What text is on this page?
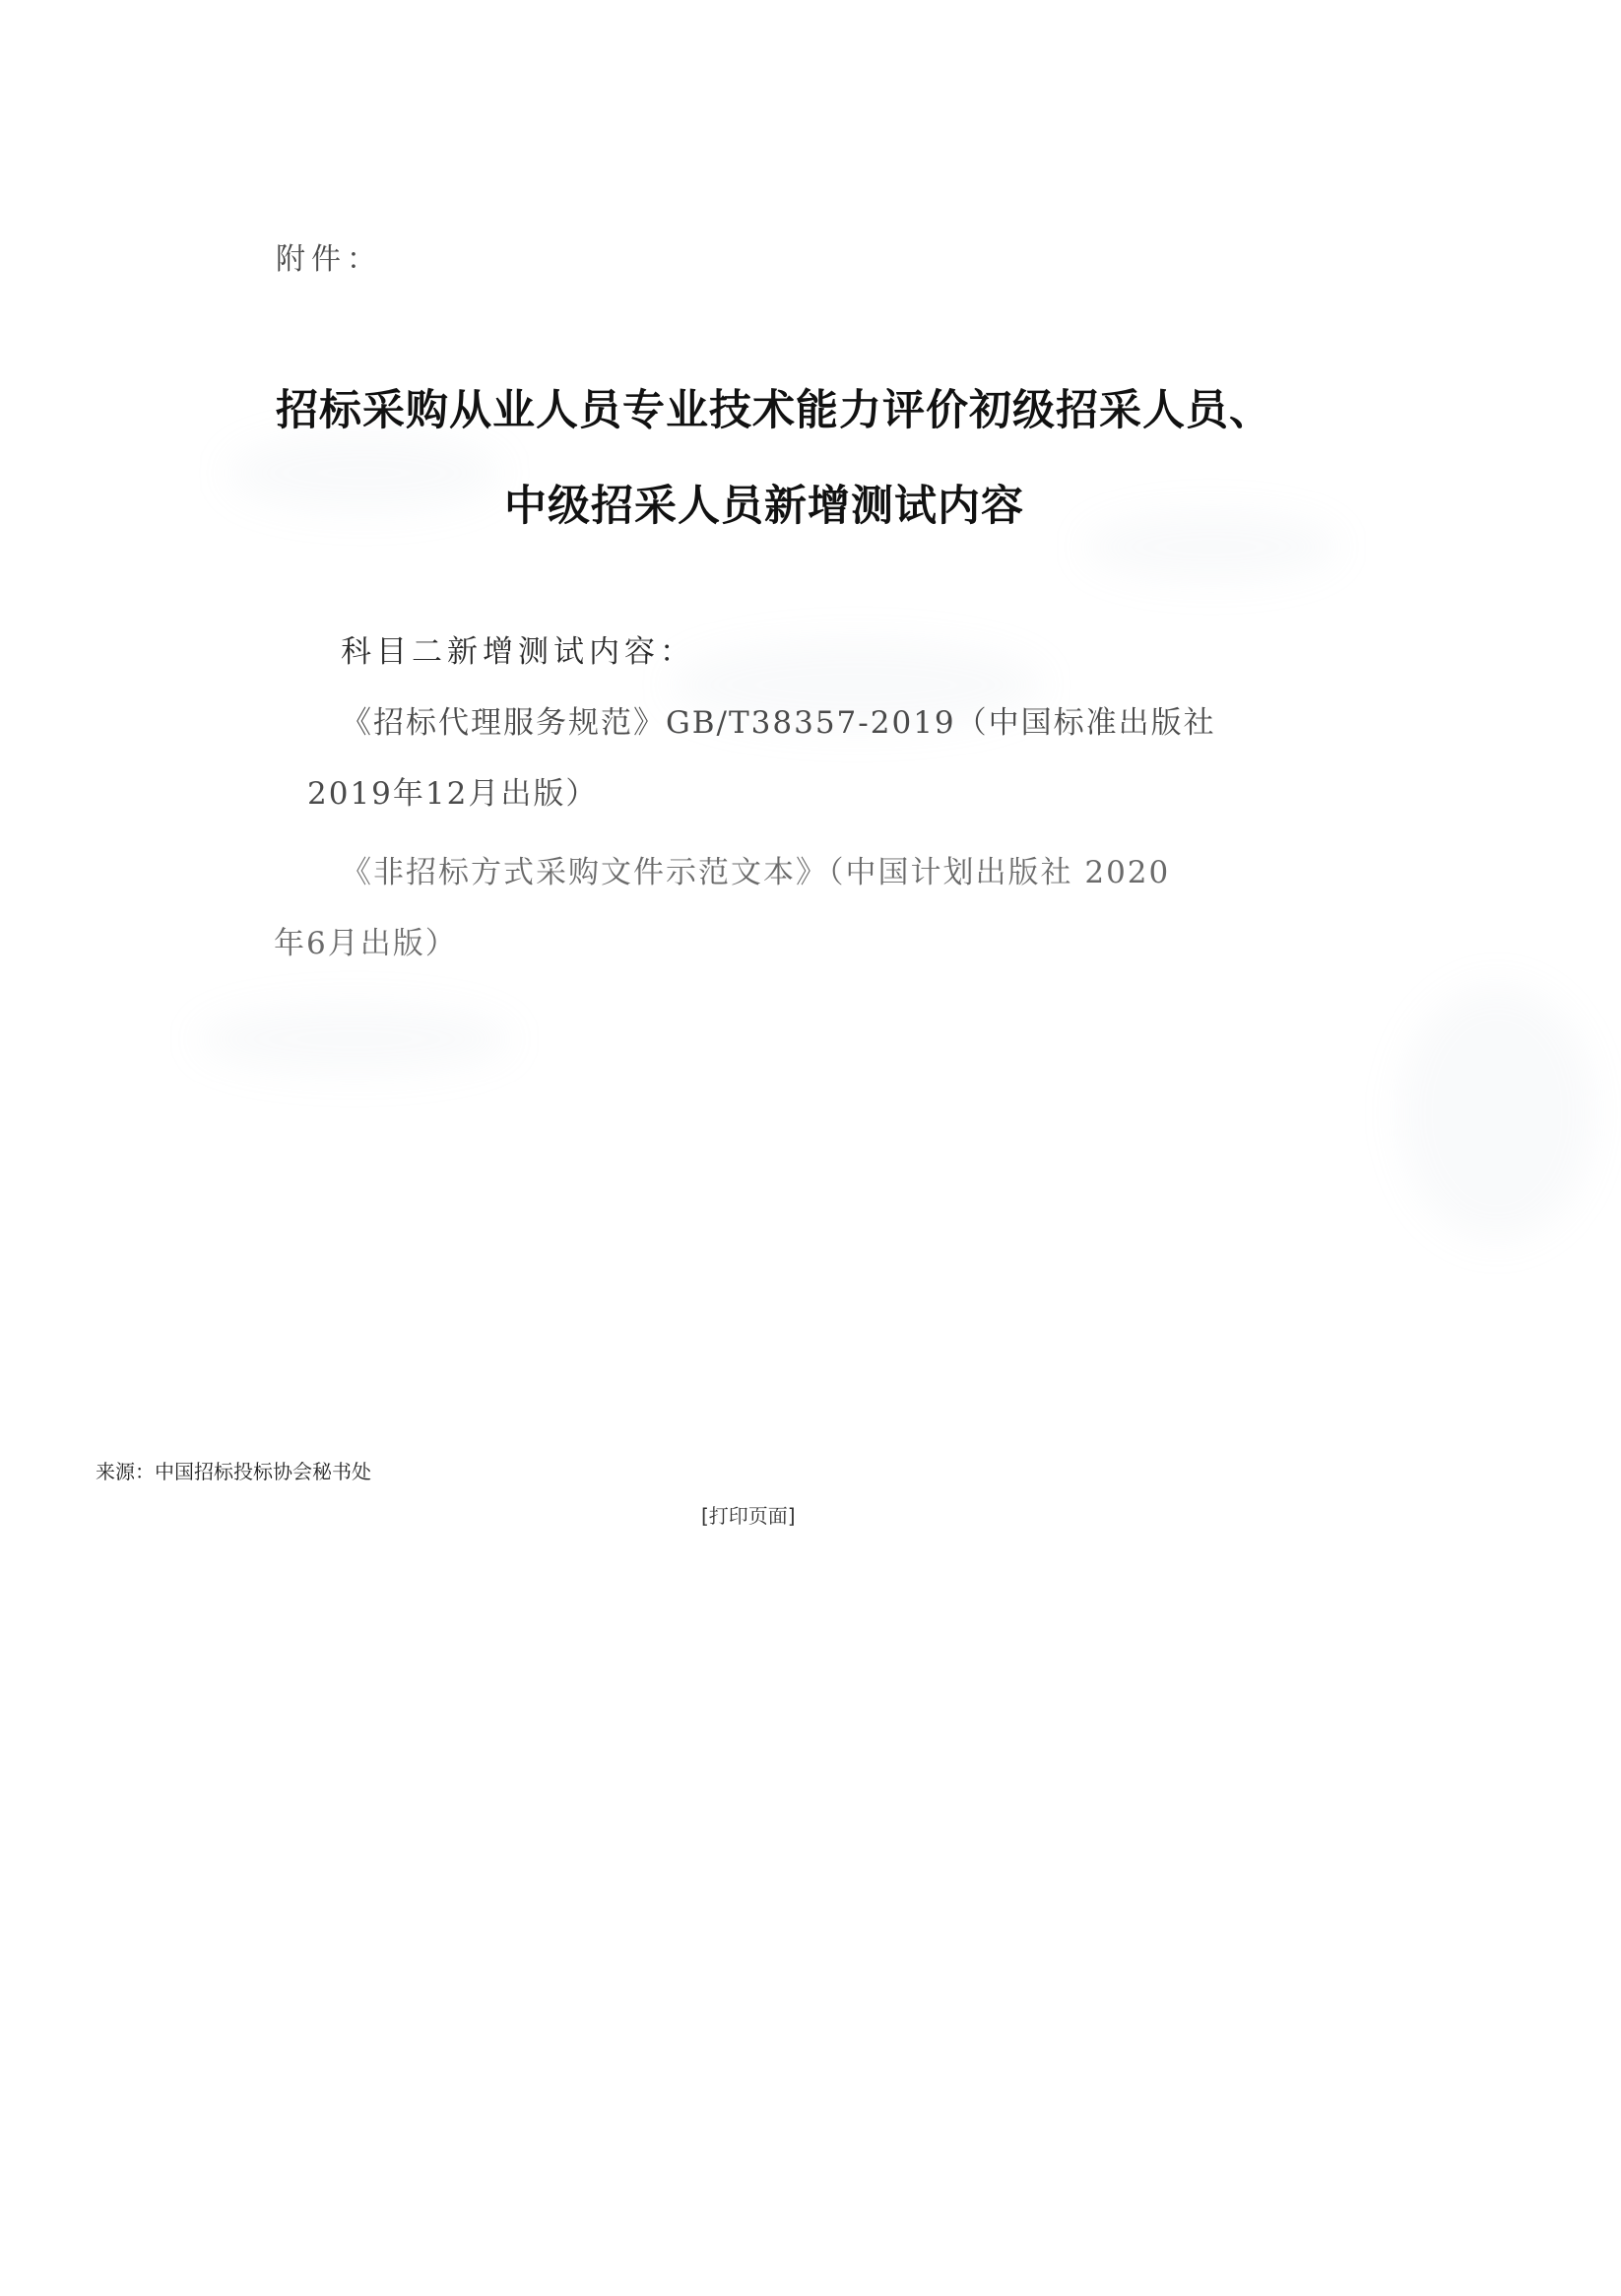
附件：
招标采购从业人员专业技术能力评价初级招采人员、
中级招采人员新增测试内容
科目二新增测试内容：
《招标代理服务规范》GB/T38357-2019（中国标准出版社
2019年12月出版）
《非招标方式采购文件示范文本》（中国计划出版社 2020
年6月出版）
来源：中国招标投标协会秘书处
[打印页面]
